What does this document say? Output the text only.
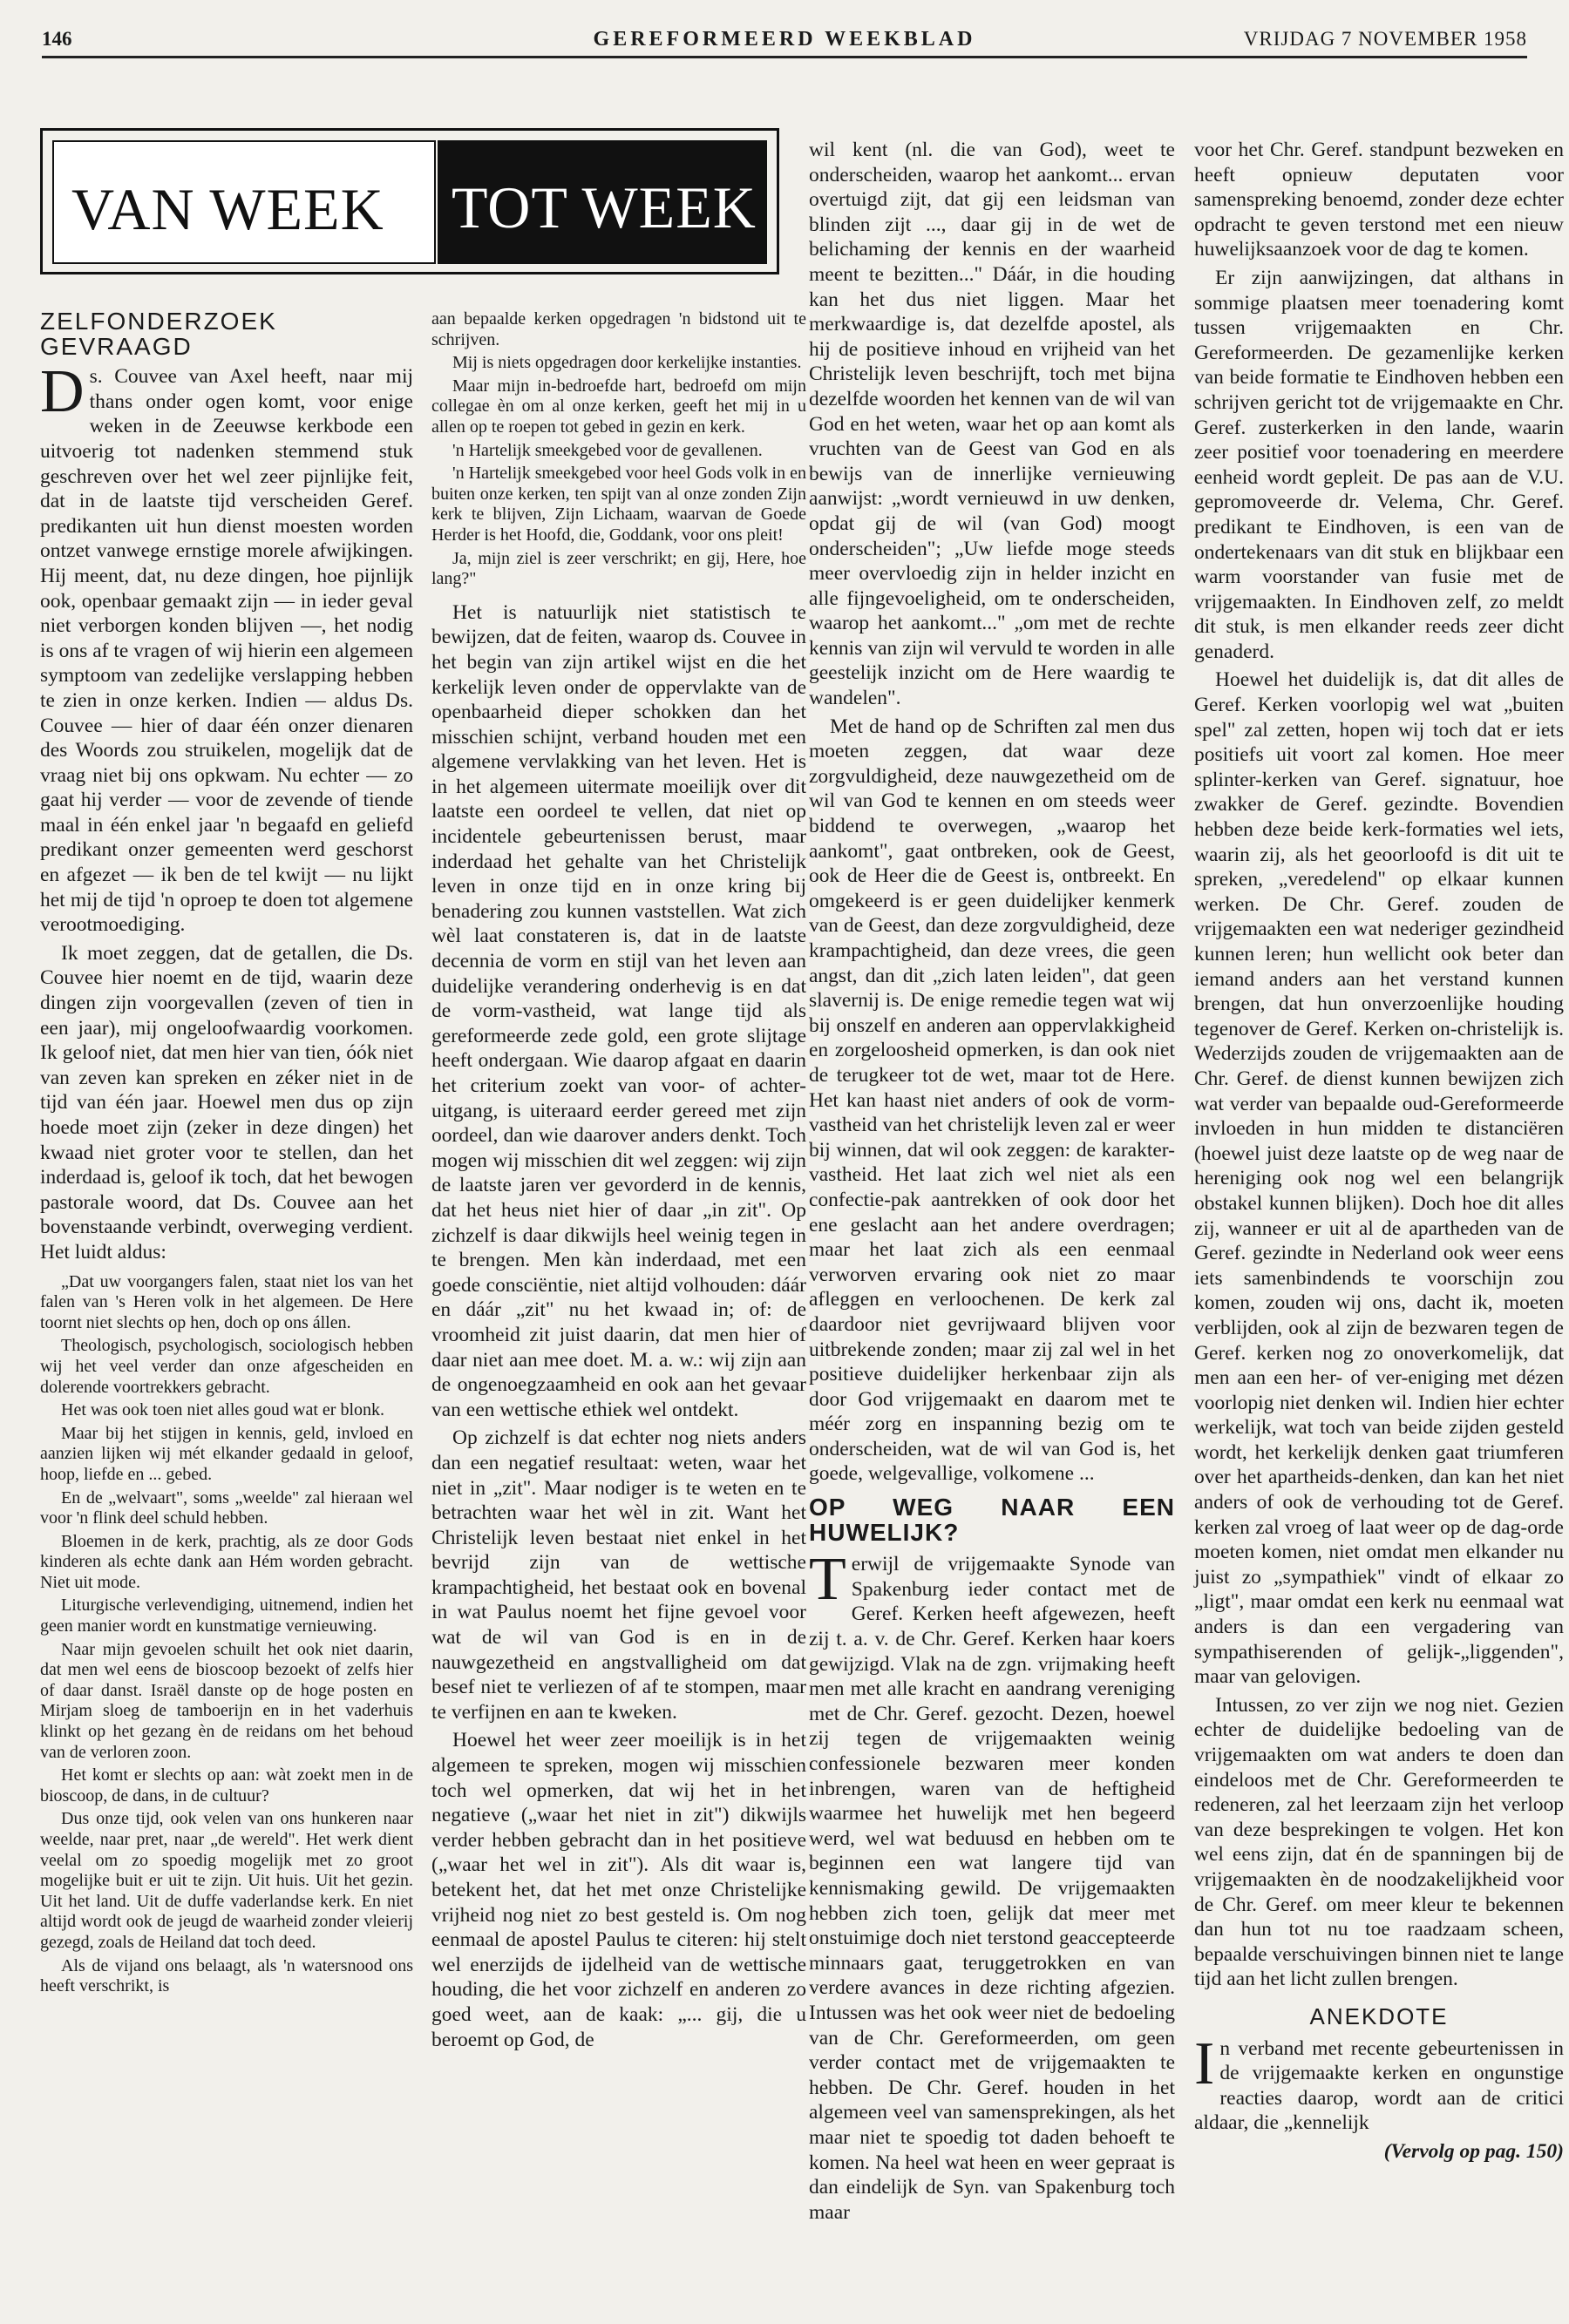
146	GEREFORMEERD WEEKBLAD	VRIJDAG 7 NOVEMBER 1958
VAN WEEK TOT WEEK
ZELFONDERZOEK GEVRAAGD

Ds. Couvee van Axel heeft, naar mij thans onder ogen komt, voor enige weken in de Zeeuwse kerkbode een uitvoerig tot nadenken stemmend stuk geschreven over het wel zeer pijnlijke feit, dat in de laatste tijd verscheiden Geref. predikanten uit hun dienst moesten worden ontzet vanwege ernstige morele afwijkingen. Hij meent, dat, nu deze dingen, hoe pijnlijk ook, openbaar gemaakt zijn — in ieder geval niet verborgen konden blijven —, het nodig is ons af te vragen of wij hierin een algemeen symptoom van zedelijke verslapping hebben te zien in onze kerken. Indien — aldus Ds. Couvee — hier of daar één onzer dienaren des Woords zou struikelen, mogelijk dat de vraag niet bij ons opkwam. Nu echter — zo gaat hij verder — voor de zevende of tiende maal in één enkel jaar 'n begaafd en geliefd predikant onzer gemeenten werd geschorst en afgezet — ik ben de tel kwijt — nu lijkt het mij de tijd 'n oproep te doen tot algemene verootmoediging.

Ik moet zeggen, dat de getallen, die Ds. Couvee hier noemt en de tijd, waarin deze dingen zijn voorgevallen (zeven of tien in een jaar), mij ongeloofwaardig voorkomen. Ik geloof niet, dat men hier van tien, óók niet van zeven kan spreken en zéker niet in de tijd van één jaar. Hoewel men dus op zijn hoede moet zijn (zeker in deze dingen) het kwaad niet groter voor te stellen, dan het inderdaad is, geloof ik toch, dat het bewogen pastorale woord, dat Ds. Couvee aan het bovenstaande verbindt, overweging verdient. Het luidt aldus:

„Dat uw voorgangers falen, staat niet los van het falen van 's Heren volk in het algemeen. De Here toornt niet slechts op hen, doch op ons állen.

Theologisch, psychologisch, sociologisch hebben wij het veel verder dan onze afgescheiden en dolerende voortrekkers gebracht.

Het was ook toen niet alles goud wat er blonk.

Maar bij het stijgen in kennis, geld, invloed en aanzien lijken wij mét elkander gedaald in geloof, hoop, liefde en ... gebed.

En de „welvaart", soms „weelde" zal hieraan wel voor 'n flink deel schuld hebben.

Bloemen in de kerk, prachtig, als ze door Gods kinderen als echte dank aan Hém worden gebracht. Niet uit mode.

Liturgische verlevendiging, uitnemend, indien het geen manier wordt en kunstmatige vernieuwing.

Naar mijn gevoelen schuilt het ook niet daarin, dat men wel eens de bioscoop bezoekt of zelfs hier of daar danst. Israël danste op de hoge posten en Mirjam sloeg de tamboerijn en in het vaderhuis klinkt op het gezang èn de reidans om het behoud van de verloren zoon.

Het komt er slechts op aan: wàt zoekt men in de bioscoop, de dans, in de cultuur?

Dus onze tijd, ook velen van ons hunkeren naar weelde, naar pret, naar „de wereld". Het werk dient veelal om zo spoedig mogelijk met zo groot mogelijke buit er uit te zijn. Uit huis. Uit het gezin. Uit het land. Uit de duffe vaderlandse kerk. En niet altijd wordt ook de jeugd de waarheid zonder vleierij gezegd, zoals de Heiland dat toch deed.

Als de vijand ons belaagt, als 'n watersnood ons heeft verschrikt, is

aan bepaalde kerken opgedragen 'n bidstond uit te schrijven.

Mij is niets opgedragen door kerkelijke instanties.

Maar mijn in-bedroefde hart, bedroefd om mijn collegae èn om al onze kerken, geeft het mij in u allen op te roepen tot gebed in gezin en kerk.

'n Hartelijk smeekgebed voor de gevallenen.

'n Hartelijk smeekgebed voor heel Gods volk in en buiten onze kerken, ten spijt van al onze zonden Zijn kerk te blijven, Zijn Lichaam, waarvan de Goede Herder is het Hoofd, die, Goddank, voor ons pleit!

Ja, mijn ziel is zeer verschrikt; en gij, Here, hoe lang?"

Het is natuurlijk niet statistisch te bewijzen, dat de feiten, waarop ds. Couvee in het begin van zijn artikel wijst en die het kerkelijk leven onder de oppervlakte van de openbaarheid dieper schokken dan het misschien schijnt, verband houden met een algemene vervlakking van het leven. Het is in het algemeen uitermate moeilijk over dit laatste een oordeel te vellen, dat niet op incidentele gebeurtenissen berust, maar inderdaad het gehalte van het Christelijk leven in onze tijd en in onze kring bij benadering zou kunnen vaststellen. Wat zich wèl laat constateren is, dat in de laatste decennia de vorm en stijl van het leven aan duidelijke verandering onderhevig is en dat de vorm-vastheid, wat lange tijd als gereformeerde zede gold, een grote slijtage heeft ondergaan. Wie daarop afgaat en daarin het criterium zoekt van voor- of achter-uitgang, is uiteraard eerder gereed met zijn oordeel, dan wie daarover anders denkt. Toch mogen wij misschien dit wel zeggen: wij zijn de laatste jaren ver gevorderd in de kennis, dat het heus niet hier of daar „in zit". Op zichzelf is daar dikwijls heel weinig tegen in te brengen. Men kàn inderdaad, met een goede consciëntie, niet altijd volhouden: dáár en dáár „zit" nu het kwaad in; of: de vroomheid zit juist daarin, dat men hier of daar niet aan mee doet. M. a. w.: wij zijn aan de ongenoegzaamheid en ook aan het gevaar van een wettische ethiek wel ontdekt.

Op zichzelf is dat echter nog niets anders dan een negatief resultaat: weten, waar het niet in „zit". Maar nodiger is te weten en te betrachten waar het wèl in zit. Want het Christelijk leven bestaat niet enkel in het bevrijd zijn van de wettische krampachtigheid, het bestaat ook en bovenal in wat Paulus noemt het fijne gevoel voor wat de wil van God is en in de nauwgezetheid en angstvalligheid om dat besef niet te verliezen of af te stompen, maar te verfijnen en aan te kweken.

Hoewel het weer zeer moeilijk is in het algemeen te spreken, mogen wij misschien toch wel opmerken, dat wij het in het negatieve („waar het niet in zit") dikwijls verder hebben gebracht dan in het positieve („waar het wel in zit"). Als dit waar is, betekent het, dat het met onze Christelijke vrijheid nog niet zo best gesteld is. Om nog eenmaal de apostel Paulus te citeren: hij stelt wel enerzijds de ijdelheid van de wettische houding, die het voor zichzelf en anderen zo goed weet, aan de kaak: „... gij, die u beroemt op God, de

wil kent (nl. die van God), weet te onderscheiden, waarop het aankomt... ervan overtuigd zijt, dat gij een leidsman van blinden zijt ..., daar gij in de wet de belichaming der kennis en der waarheid meent te bezitten..." Dáár, in die houding kan het dus niet liggen. Maar het merkwaardige is, dat dezelfde apostel, als hij de positieve inhoud en vrijheid van het Christelijk leven beschrijft, toch met bijna dezelfde woorden het kennen van de wil van God en het weten, waar het op aan komt als vruchten van de Geest van God en als bewijs van de innerlijke vernieuwing aanwijst: „wordt vernieuwd in uw denken, opdat gij de wil (van God) moogt onderscheiden"; „Uw liefde moge steeds meer overvloedig zijn in helder inzicht en alle fijngevoeligheid, om te onderscheiden, waarop het aankomt..." „om met de rechte kennis van zijn wil vervuld te worden in alle geestelijk inzicht om de Here waardig te wandelen".

Met de hand op de Schriften zal men dus moeten zeggen, dat waar deze zorgvuldigheid, deze nauwgezetheid om de wil van God te kennen en om steeds weer biddend te overwegen, „waarop het aankomt", gaat ontbreken, ook de Geest, ook de Heer die de Geest is, ontbreekt. En omgekeerd is er geen duidelijker kenmerk van de Geest, dan deze zorgvuldigheid, deze krampachtigheid, dan deze vrees, die geen angst, dan dit „zich laten leiden", dat geen slavernij is. De enige remedie tegen wat wij bij onszelf en anderen aan oppervlakkigheid en zorgeloosheid opmerken, is dan ook niet de terugkeer tot de wet, maar tot de Here. Het kan haast niet anders of ook de vorm-vastheid van het christelijk leven zal er weer bij winnen, dat wil ook zeggen: de karakter-vastheid. Het laat zich wel niet als een confectie-pak aantrekken of ook door het ene geslacht aan het andere overdragen; maar het laat zich als een eenmaal verworven ervaring ook niet zo maar afleggen en verloochenen. De kerk zal daardoor niet gevrijwaard blijven voor uitbrekende zonden; maar zij zal wel in het positieve duidelijker herkenbaar zijn als door God vrijgemaakt en daarom met te méér zorg en inspanning bezig om te onderscheiden, wat de wil van God is, het goede, welgevallige, volkomene ...

OP WEG NAAR EEN HUWELIJK?

Terwijl de vrijgemaakte Synode van Spakenburg ieder contact met de Geref. Kerken heeft afgewezen, heeft zij t. a. v. de Chr. Geref. Kerken haar koers gewijzigd. Vlak na de zgn. vrijmaking heeft men met alle kracht en aandrang vereniging met de Chr. Geref. gezocht. Dezen, hoewel zij tegen de vrijgemaakten weinig confessionele bezwaren meer konden inbrengen, waren van de heftigheid waarmee het huwelijk met hen begeerd werd, wel wat beduusd en hebben om te beginnen een wat langere tijd van kennismaking gewild. De vrijgemaakten hebben zich toen, gelijk dat meer met onstuimige doch niet terstond geaccepteerde minnaars gaat, teruggetrokken en van verdere avances in deze richting afgezien. Intussen was het ook weer niet de bedoeling van de Chr. Gereformeerden, om geen verder contact met de vrijgemaakten te hebben. De Chr. Geref. houden in het algemeen veel van samensprekingen, als het maar niet te spoedig tot daden behoeft te komen. Na heel wat heen en weer gepraat is dan eindelijk de Syn. van Spakenburg toch maar

voor het Chr. Geref. standpunt bezweken en heeft opnieuw deputaten voor samenspreking benoemd, zonder deze echter opdracht te geven terstond met een nieuw huwelijksaanzoek voor de dag te komen.

Er zijn aanwijzingen, dat althans in sommige plaatsen meer toenadering komt tussen vrijgemaakten en Chr. Gereformeerden. De gezamenlijke kerken van beide formatie te Eindhoven hebben een schrijven gericht tot de vrijgemaakte en Chr. Geref. zusterkerken in den lande, waarin zeer positief voor toenadering en meerdere eenheid wordt gepleit. De pas aan de V.U. gepromoveerde dr. Velema, Chr. Geref. predikant te Eindhoven, is een van de ondertekenaars van dit stuk en blijkbaar een warm voorstander van fusie met de vrijgemaakten. In Eindhoven zelf, zo meldt dit stuk, is men elkander reeds zeer dicht genaderd.

Hoewel het duidelijk is, dat dit alles de Geref. Kerken voorlopig wel wat „buiten spel" zal zetten, hopen wij toch dat er iets positiefs uit voort zal komen. Hoe meer splinter-kerken van Geref. signatuur, hoe zwakker de Geref. gezindte. Bovendien hebben deze beide kerk-formaties wel iets, waarin zij, als het geoorloofd is dit uit te spreken, „veredelend" op elkaar kunnen werken. De Chr. Geref. zouden de vrijgemaakten een wat nederiger gezindheid kunnen leren; hun wellicht ook beter dan iemand anders aan het verstand kunnen brengen, dat hun onverzoenlijke houding tegenover de Geref. Kerken on-christelijk is. Wederzijds zouden de vrijgemaakten aan de Chr. Geref. de dienst kunnen bewijzen zich wat verder van bepaalde oud-Gereformeerde invloeden in hun midden te distanciëren (hoewel juist deze laatste op de weg naar de hereniging ook nog wel een belangrijk obstakel kunnen blijken). Doch hoe dit alles zij, wanneer er uit al de apartheden van de Geref. gezindte in Nederland ook weer eens iets samenbindends te voorschijn zou komen, zouden wij ons, dacht ik, moeten verblijden, ook al zijn de bezwaren tegen de Geref. kerken nog zo onoverkomelijk, dat men aan een her- of ver-eniging met dézen voorlopig niet denken wil. Indien hier echter werkelijk, wat toch van beide zijden gesteld wordt, het kerkelijk denken gaat triumferen over het apartheids-denken, dan kan het niet anders of ook de verhouding tot de Geref. kerken zal vroeg of laat weer op de dag-orde moeten komen, niet omdat men elkander nu juist zo „sympathiek" vindt of elkaar zo „ligt", maar omdat een kerk nu eenmaal wat anders is dan een vergadering van sympathiserenden of gelijk-„liggenden", maar van gelovigen.

Intussen, zo ver zijn we nog niet. Gezien echter de duidelijke bedoeling van de vrijgemaakten om wat anders te doen dan eindeloos met de Chr. Gereformeerden te redeneren, zal het leerzaam zijn het verloop van deze besprekingen te volgen. Het kon wel eens zijn, dat én de spanningen bij de vrijgemaakten èn de noodzakelijkheid voor de Chr. Geref. om meer kleur te bekennen dan hun tot nu toe raadzaam scheen, bepaalde verschuivingen binnen niet te lange tijd aan het licht zullen brengen.

ANEKDOTE

In verband met recente gebeurtenissen in de vrijgemaakte kerken en ongunstige reacties daarop, wordt aan de critici aldaar, die „kennelijk

(Vervolg op pag. 150)
